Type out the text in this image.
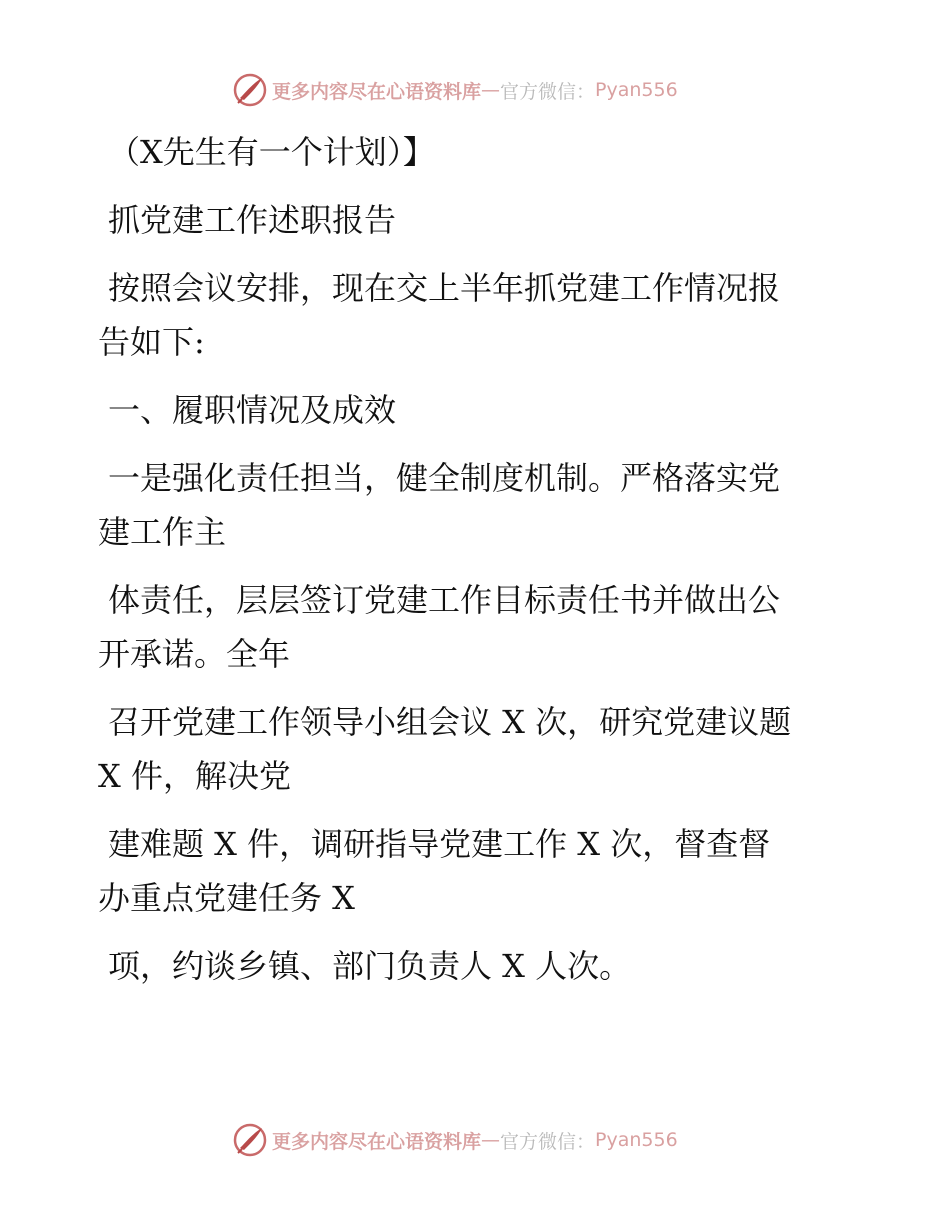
更多内容尽在心语资料库 — 官方微信： Pyan556

（X先生有一个计划）】

抓党建工作述职报告

按照会议安排，现在交上半年抓党建工作情况报
告如下:

一、履职情况及成效

一是强化责任担当，健全制度机制。严格落实党
建工作主

体责任，层层签订党建工作目标责任书并做出公
开承诺。全年

召开党建工作领导小组会议 X 次，研究党建议题
X 件，解决党

建难题 X 件，调研指导党建工作 X 次，督查督
办重点党建任务 X

项，约谈乡镇、部门负责人 X 人次。

更多内容尽在心语资料库 — 官方微信： Pyan556
